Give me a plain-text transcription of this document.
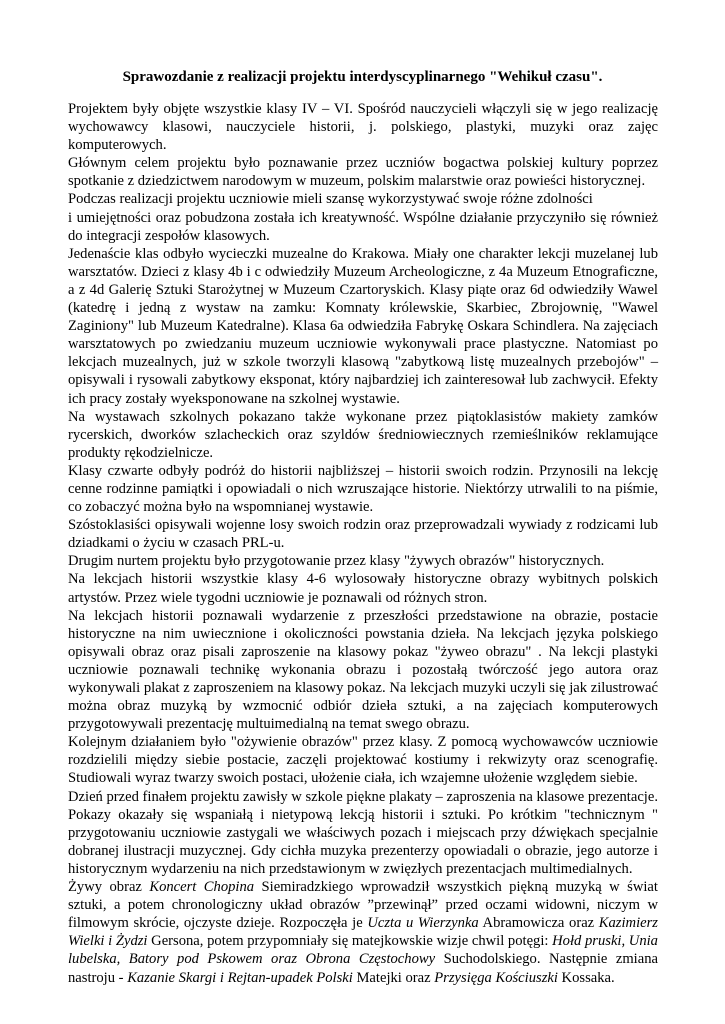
Sprawozdanie z realizacji projektu interdyscyplinarnego "Wehikuł czasu".

Projektem były objęte wszystkie klasy IV – VI. Spośród nauczycieli włączyli się w jego realizację wychowawcy klasowi, nauczyciele historii, j. polskiego, plastyki, muzyki oraz zajęc komputerowych.

Głównym celem projektu było poznawanie przez uczniów bogactwa polskiej kultury poprzez spotkanie z dziedzictwem narodowym w muzeum, polskim malarstwie oraz powieści historycznej.

Podczas realizacji projektu uczniowie mieli szansę wykorzystywać swoje różne zdolności

i umiejętności oraz pobudzona została ich kreatywność. Wspólne działanie przyczyniło się również do integracji zespołów klasowych.

Jedenaście klas odbyło wycieczki muzealne do Krakowa. Miały one charakter lekcji muzelanej lub warsztatów. Dzieci z klasy 4b i c odwiedziły Muzeum Archeologiczne, z 4a Muzeum Etnograficzne, a z 4d Galerię Sztuki Starożytnej w Muzeum Czartoryskich. Klasy piąte oraz 6d odwiedziły Wawel (katedrę i jedną z wystaw na zamku: Komnaty królewskie, Skarbiec, Zbrojownię, "Wawel Zaginiony" lub Muzeum Katedralne). Klasa 6a odwiedziła Fabrykę Oskara Schindlera. Na zajęciach warsztatowych po zwiedzaniu muzeum uczniowie wykonywali prace plastyczne. Natomiast po lekcjach muzealnych, już w szkole tworzyli klasową "zabytkową listę muzealnych przebojów" – opisywali i rysowali zabytkowy eksponat, który najbardziej ich zainteresował lub zachwycił. Efekty ich pracy zostały wyeksponowane na szkolnej wystawie.

Na wystawach szkolnych pokazano także wykonane przez piątoklasistów makiety zamków rycerskich, dworków szlacheckich oraz szyldów średniowiecznych rzemieślników reklamujące produkty rękodzielnicze.

Klasy czwarte odbyły podróż do historii najbliższej – historii swoich rodzin. Przynosili na lekcję cenne rodzinne pamiątki i opowiadali o nich wzruszające historie. Niektórzy utrwalili to na piśmie, co zobaczyć można było na wspomnianej wystawie.

Szóstoklasiści opisywali wojenne losy swoich rodzin oraz przeprowadzali wywiady z rodzicami lub dziadkami o życiu w czasach PRL-u.

Drugim nurtem projektu było przygotowanie przez klasy "żywych obrazów" historycznych.

Na lekcjach historii wszystkie klasy 4-6 wylosowały historyczne obrazy wybitnych polskich artystów. Przez wiele tygodni uczniowie je poznawali od różnych stron.

Na lekcjach historii poznawali wydarzenie z przeszłości przedstawione na obrazie, postacie historyczne na nim uwiecznione i okoliczności powstania dzieła. Na lekcjach języka polskiego opisywali obraz oraz pisali zaproszenie na klasowy pokaz "żyweo obrazu" . Na lekcji plastyki uczniowie poznawali technikę wykonania obrazu i pozostałą twórczość jego autora oraz wykonywali plakat z zaproszeniem na klasowy pokaz. Na lekcjach muzyki uczyli się jak zilustrować można obraz muzyką by wzmocnić odbiór dzieła sztuki, a na zajęciach komputerowych przygotowywali prezentację multuimedialną na temat swego obrazu.

Kolejnym działaniem było "ożywienie obrazów" przez klasy. Z pomocą wychowawców uczniowie rozdzielili między siebie postacie, zaczęli projektować kostiumy i rekwizyty oraz scenografię. Studiowali wyraz twarzy swoich postaci, ułożenie ciała, ich wzajemne ułożenie względem siebie.

Dzień przed finałem projektu zawisły w szkole piękne plakaty – zaproszenia na klasowe prezentacje. Pokazy okazały się wspaniałą i nietypową lekcją historii i sztuki. Po krótkim "technicznym " przygotowaniu uczniowie zastygali we właściwych pozach i miejscach przy dźwiękach specjalnie dobranej ilustracji muzycznej. Gdy cichła muzyka prezenterzy opowiadali o obrazie, jego autorze i historycznym wydarzeniu na nich przedstawionym w zwięzłych prezentacjach multimedialnych.

Żywy obraz Koncert Chopina Siemiradzkiego wprowadził wszystkich piękną muzyką w świat sztuki, a potem chronologiczny układ obrazów ”przewinął” przed oczami widowni, niczym w filmowym skrócie, ojczyste dzieje. Rozpoczęła je Uczta u Wierzynka Abramowicza oraz Kazimierz Wielki i Żydzi Gersona, potem przypomniały się matejkowskie wizje chwil potęgi: Hołd pruski, Unia lubelska, Batory pod Pskowem oraz Obrona Częstochowy Suchodolskiego. Następnie zmiana nastroju - Kazanie Skargi i Rejtan-upadek Polski Matejki oraz Przysięga Kościuszki Kossaka.
